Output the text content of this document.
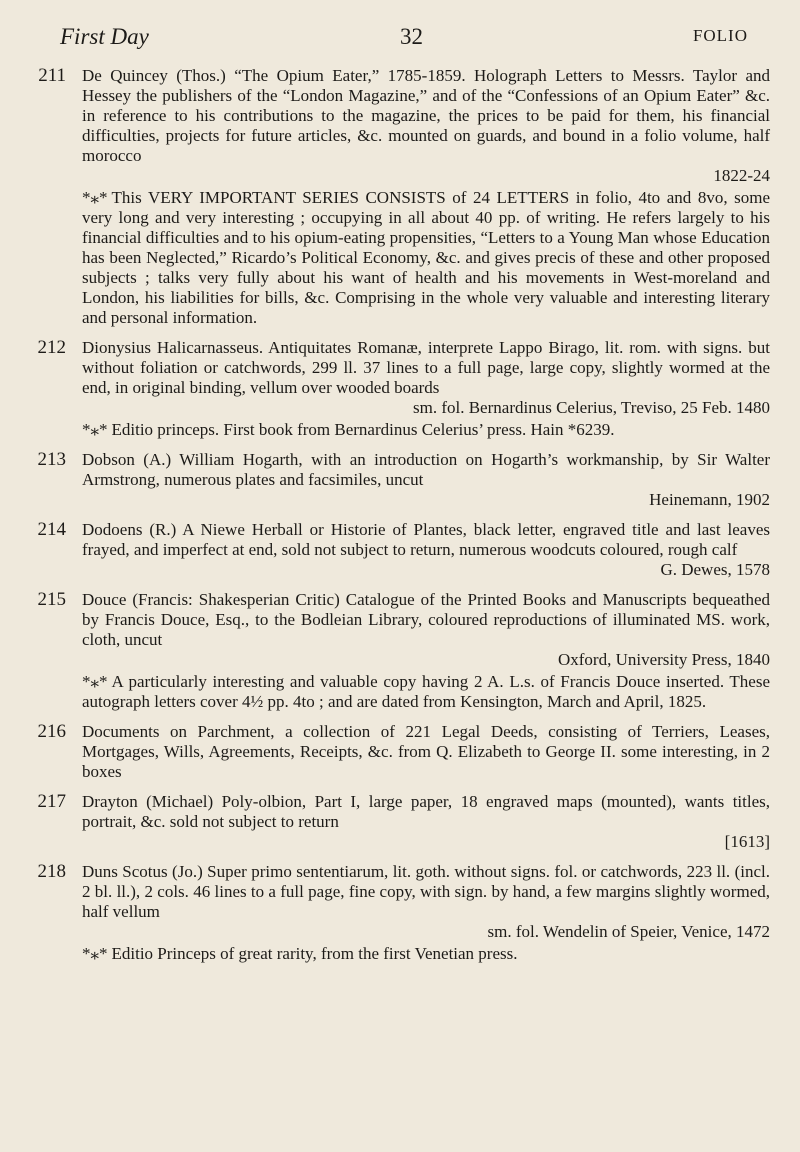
First Day	32	FOLIO
211 De Quincey (Thos.) “The Opium Eater,” 1785-1859. Holograph Letters to Messrs. Taylor and Hessey the publishers of the “London Magazine,” and of the “Confessions of an Opium Eater” &c. in reference to his contributions to the magazine, the prices to be paid for them, his financial difficulties, projects for future articles, &c. mounted on guards, and bound in a folio volume, half morocco
1822-24
*⁎* This VERY IMPORTANT SERIES CONSISTS of 24 LETTERS in folio, 4to and 8vo, some very long and very interesting ; occupying in all about 40 pp. of writing. He refers largely to his financial difficulties and to his opium-eating propensities, “Letters to a Young Man whose Education has been Neglected,” Ricardo’s Political Economy, &c. and gives precis of these and other proposed subjects ; talks very fully about his want of health and his movements in West-moreland and London, his liabilities for bills, &c. Comprising in the whole very valuable and interesting literary and personal information.
212 Dionysius Halicarnasseus. Antiquitates Romanæ, interprete Lappo Birago, lit. rom. with signs. but without foliation or catchwords, 299 ll. 37 lines to a full page, large copy, slightly wormed at the end, in original binding, vellum over wooded boards
sm. fol. Bernardinus Celerius, Treviso, 25 Feb. 1480
*⁎* Editio princeps. First book from Bernardinus Celerius’ press. Hain *6239.
213 Dobson (A.) William Hogarth, with an introduction on Hogarth’s workmanship, by Sir Walter Armstrong, numerous plates and facsimiles, uncut
Heinemann, 1902
214 Dodoens (R.) A Niewe Herball or Historie of Plantes, black letter, engraved title and last leaves frayed, and imperfect at end, sold not subject to return, numerous woodcuts coloured, rough calf
G. Dewes, 1578
215 Douce (Francis: Shakesperian Critic) Catalogue of the Printed Books and Manuscripts bequeathed by Francis Douce, Esq., to the Bodleian Library, coloured reproductions of illuminated MS. work, cloth, uncut
Oxford, University Press, 1840
*⁎* A particularly interesting and valuable copy having 2 A. L.s. of Francis Douce inserted. These autograph letters cover 4½ pp. 4to ; and are dated from Kensington, March and April, 1825.
216 Documents on Parchment, a collection of 221 Legal Deeds, consisting of Terriers, Leases, Mortgages, Wills, Agreements, Receipts, &c. from Q. Elizabeth to George II. some interesting, in 2 boxes
217 Drayton (Michael) Poly-olbion, Part I, large paper, 18 engraved maps (mounted), wants titles, portrait, &c. sold not subject to return
[1613]
218 Duns Scotus (Jo.) Super primo sententiarum, lit. goth. without signs. fol. or catchwords, 223 ll. (incl. 2 bl. ll.), 2 cols. 46 lines to a full page, fine copy, with sign. by hand, a few margins slightly wormed, half vellum
sm. fol. Wendelin of Speier, Venice, 1472
*⁎* Editio Princeps of great rarity, from the first Venetian press.
